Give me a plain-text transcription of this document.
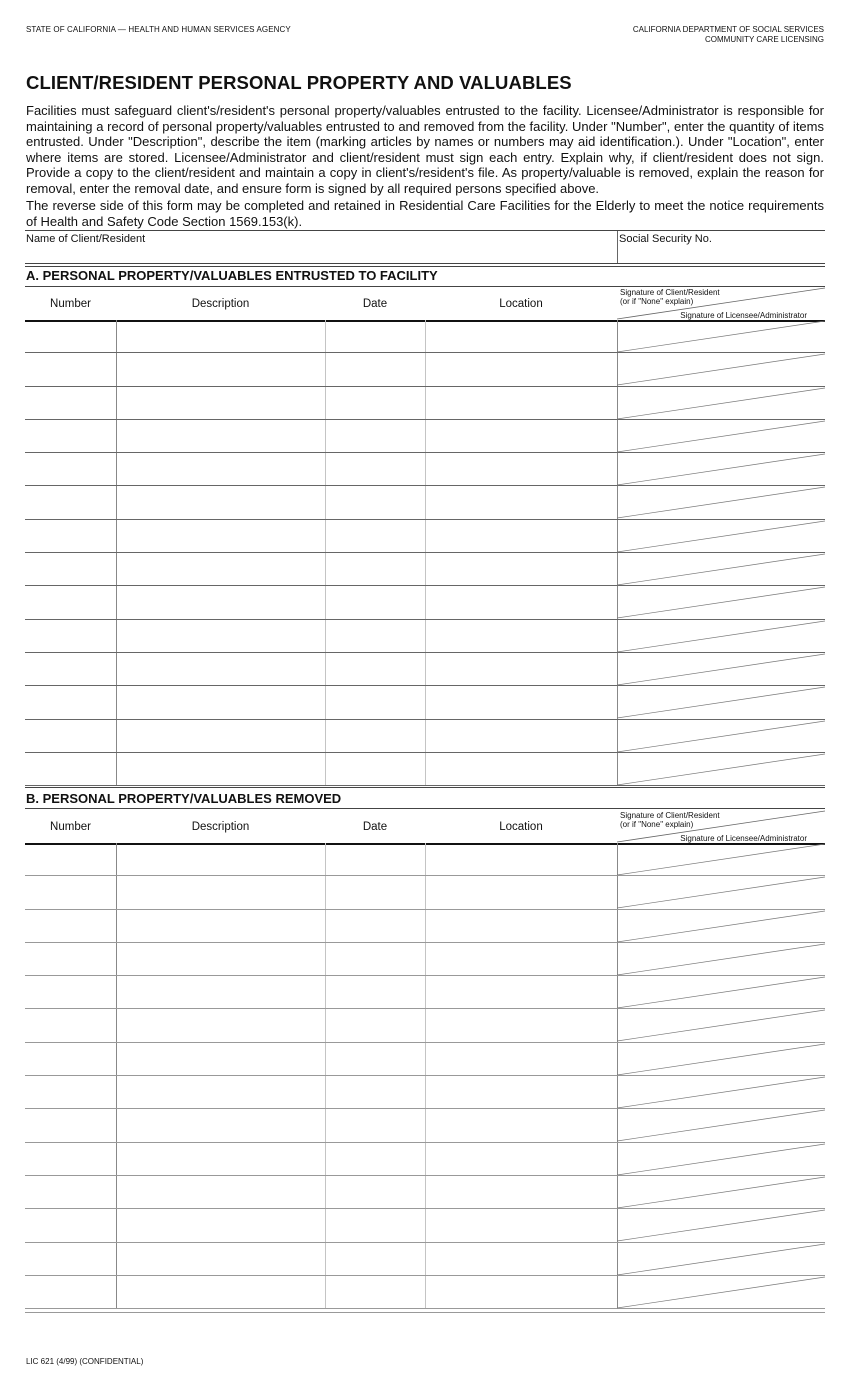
STATE OF CALIFORNIA — HEALTH AND HUMAN SERVICES AGENCY	CALIFORNIA DEPARTMENT OF SOCIAL SERVICES
COMMUNITY CARE LICENSING
CLIENT/RESIDENT PERSONAL PROPERTY AND VALUABLES
Facilities must safeguard client's/resident's personal property/valuables entrusted to the facility. Licensee/Administrator is responsible for maintaining a record of personal property/valuables entrusted to and removed from the facility. Under "Number", enter the quantity of items entrusted. Under "Description", describe the item (marking articles by names or numbers may aid identification.). Under "Location", enter where items are stored. Licensee/Administrator and client/resident must sign each entry. Explain why, if client/resident does not sign. Provide a copy to the client/resident and maintain a copy in client's/resident's file. As property/valuable is removed, explain the reason for removal, enter the removal date, and ensure form is signed by all required persons specified above.
The reverse side of this form may be completed and retained in Residential Care Facilities for the Elderly to meet the notice requirements of Health and Safety Code Section 1569.153(k).
Name of Client/Resident	Social Security No.
A. PERSONAL PROPERTY/VALUABLES ENTRUSTED TO FACILITY
Number	Description	Date	Location
Signature of Client/Resident
(or if "None" explain)
Signature of Licensee/Administrator
B. PERSONAL PROPERTY/VALUABLES REMOVED
Number	Description	Date	Location
Signature of Client/Resident
(or if "None" explain)
Signature of Licensee/Administrator
LIC 621 (4/99) (CONFIDENTIAL)
